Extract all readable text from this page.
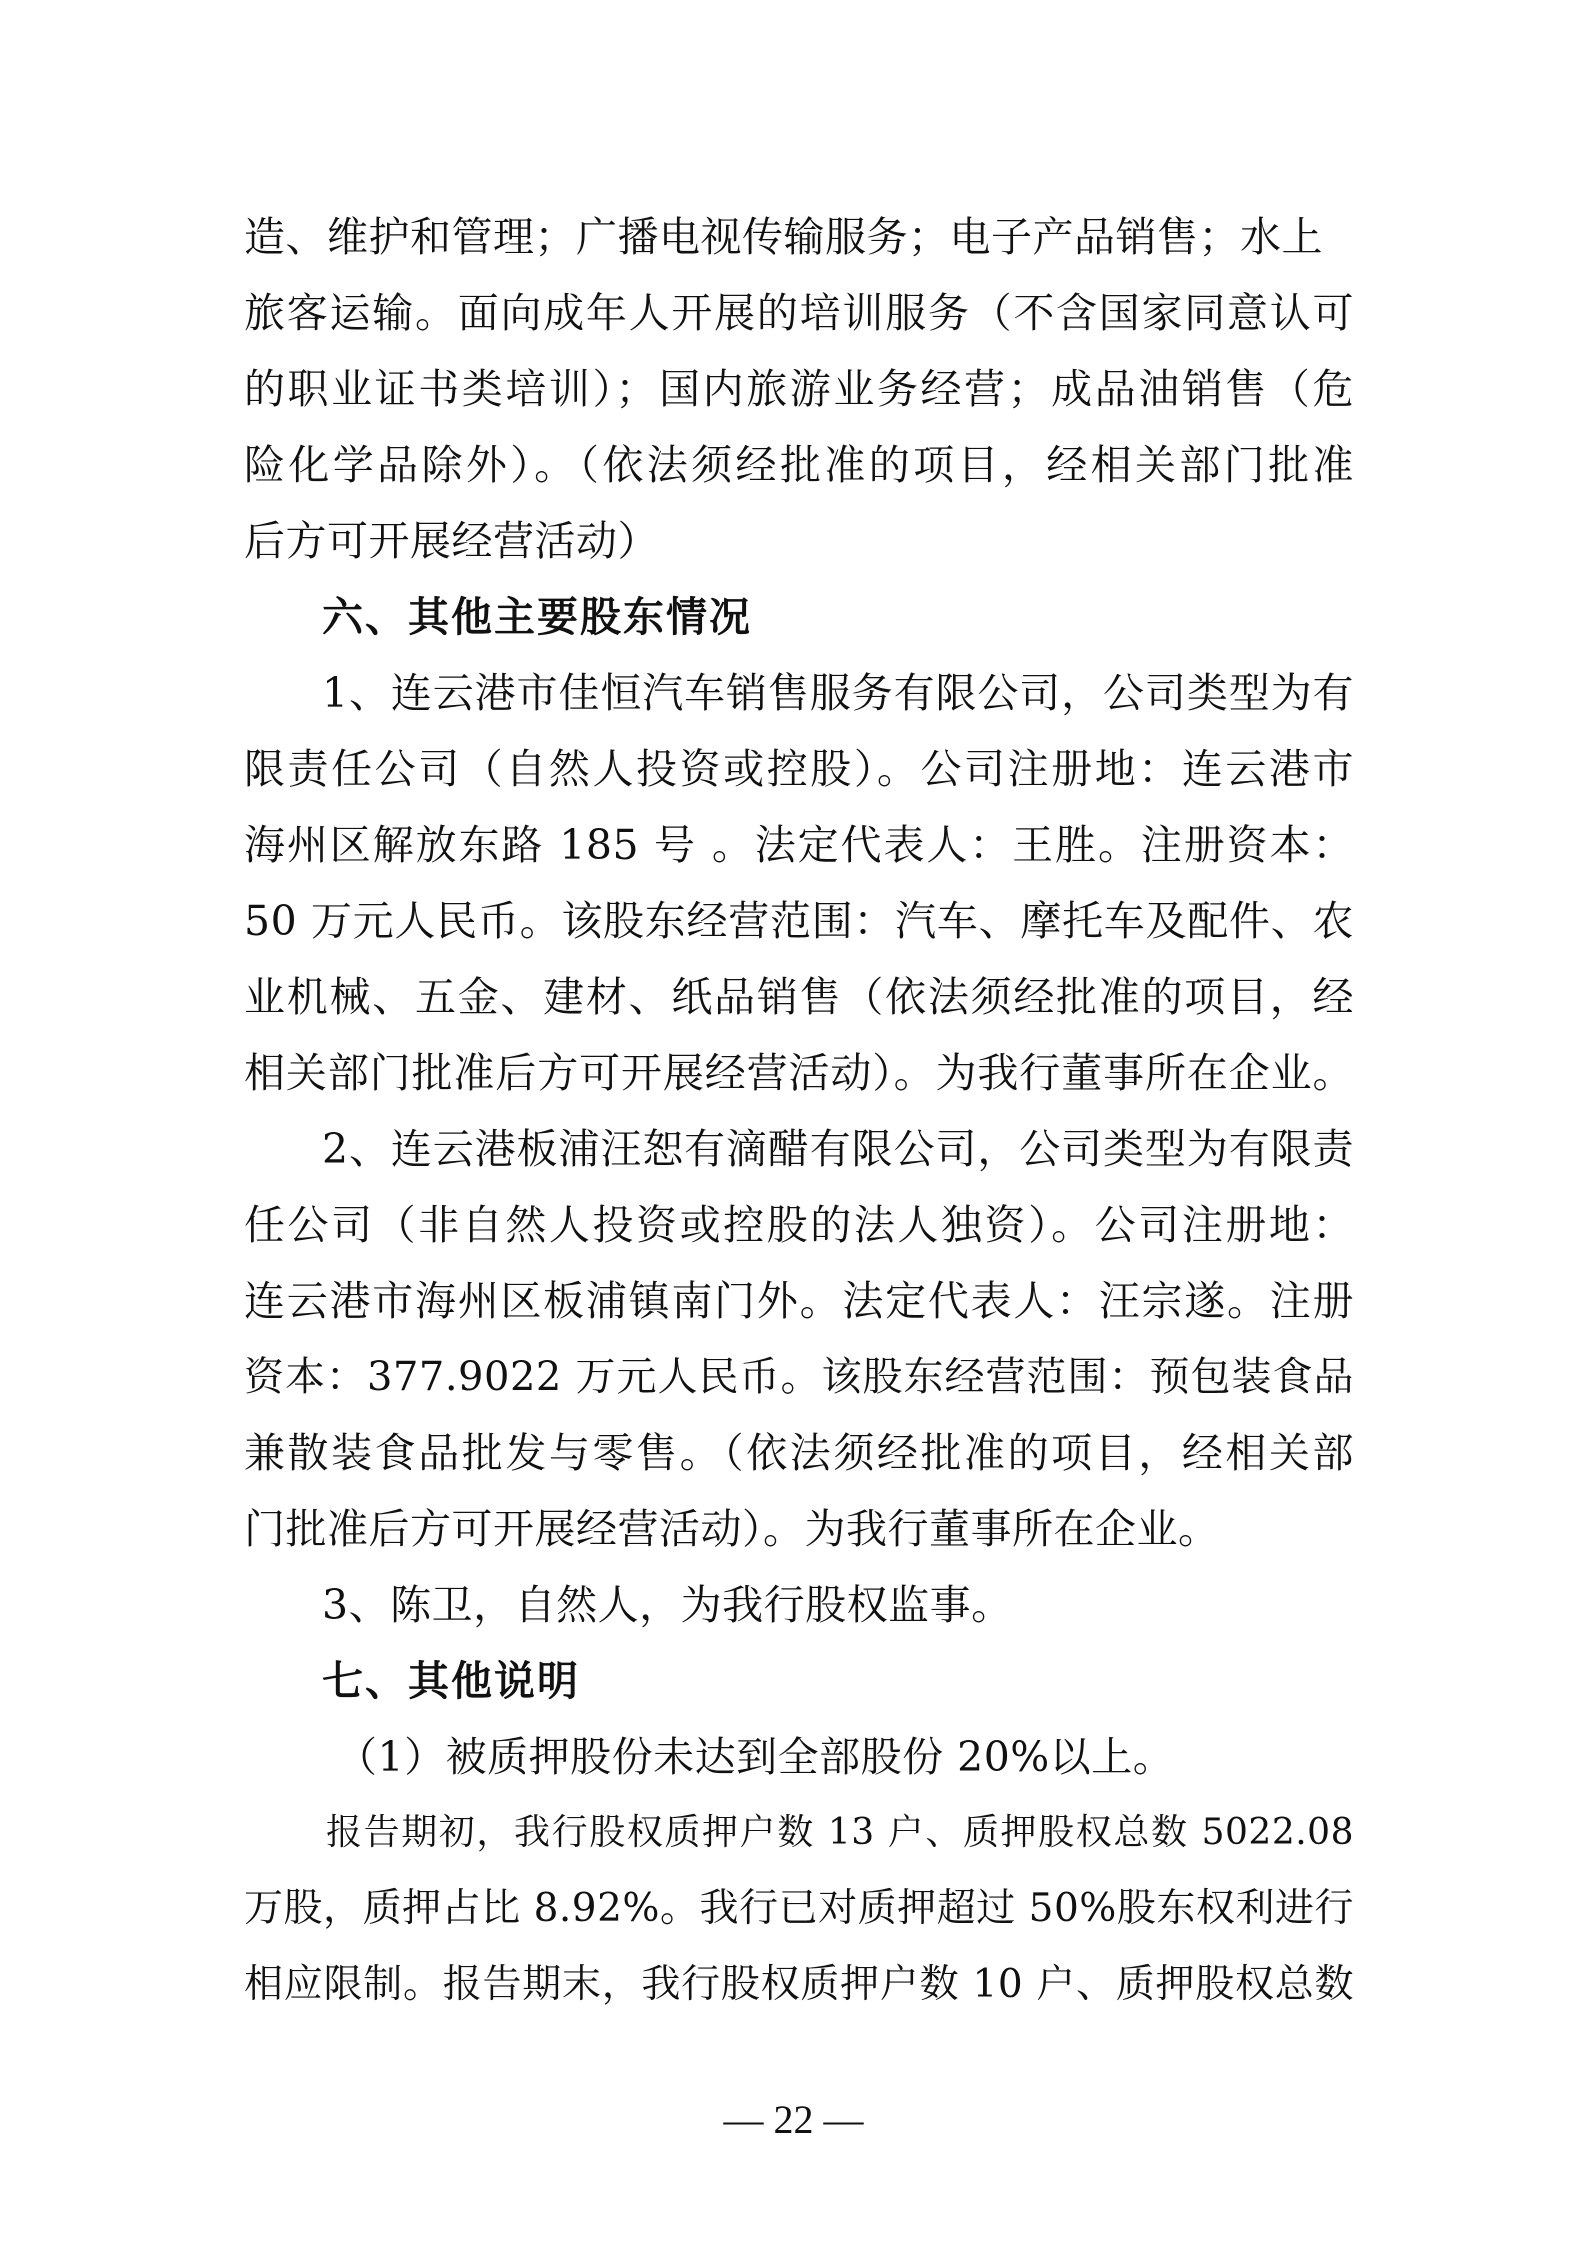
造、维护和管理；广播电视传输服务；电子产品销售；水上
旅客运输。面向成年人开展的培训服务（不含国家同意认可
的职业证书类培训）；国内旅游业务经营；成品油销售（危
险化学品除外）。（依法须经批准的项目，经相关部门批准
后方可开展经营活动）
六、其他主要股东情况
1、连云港市佳恒汽车销售服务有限公司，公司类型为有
限责任公司（自然人投资或控股）。公司注册地：连云港市
海州区解放东路 185 号 。法定代表人：王胜。注册资本：
50 万元人民币。该股东经营范围：汽车、摩托车及配件、农
业机械、五金、建材、纸品销售（依法须经批准的项目，经
相关部门批准后方可开展经营活动）。为我行董事所在企业。
2、连云港板浦汪恕有滴醋有限公司，公司类型为有限责
任公司（非自然人投资或控股的法人独资）。公司注册地：
连云港市海州区板浦镇南门外。法定代表人：汪宗遂。注册
资本：377.9022 万元人民币。该股东经营范围：预包装食品
兼散装食品批发与零售。（依法须经批准的项目，经相关部
门批准后方可开展经营活动）。为我行董事所在企业。
3、陈卫，自然人，为我行股权监事。
七、其他说明
（1）被质押股份未达到全部股份 20%以上。
报告期初，我行股权质押户数 13 户、质押股权总数 5022.08
万股，质押占比 8.92%。我行已对质押超过 50%股东权利进行
相应限制。报告期末，我行股权质押户数 10 户、质押股权总数
— 22 —
